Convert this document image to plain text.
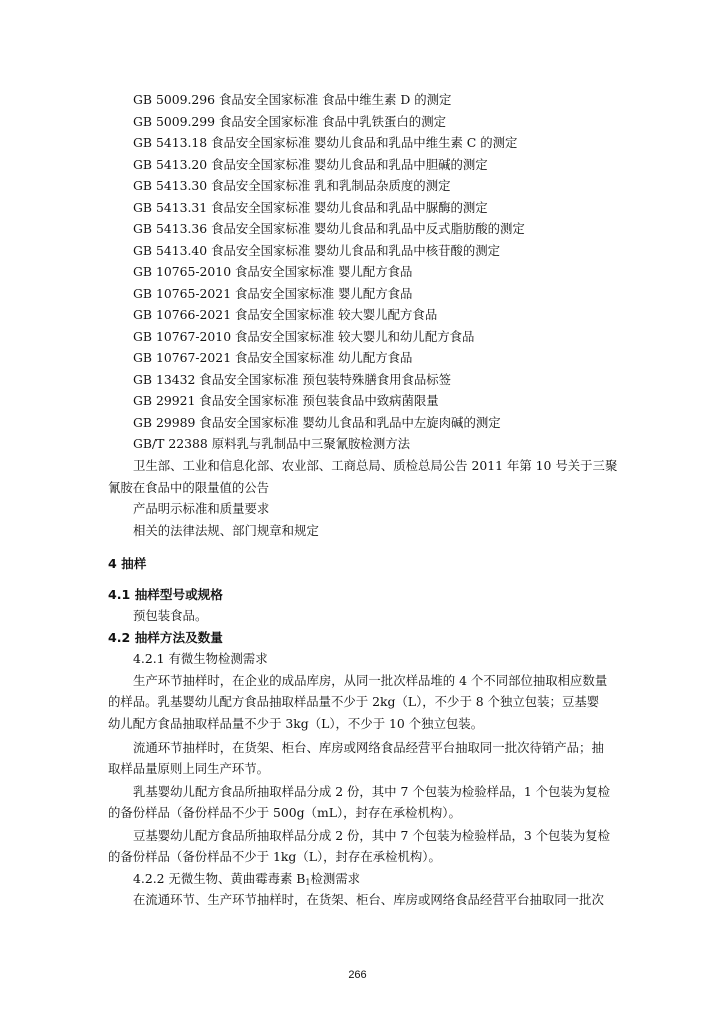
GB 5009.296 食品安全国家标准 食品中维生素 D 的测定
GB 5009.299 食品安全国家标准 食品中乳铁蛋白的测定
GB 5413.18 食品安全国家标准 婴幼儿食品和乳品中维生素 C 的测定
GB 5413.20 食品安全国家标准 婴幼儿食品和乳品中胆碱的测定
GB 5413.30 食品安全国家标准 乳和乳制品杂质度的测定
GB 5413.31 食品安全国家标准 婴幼儿食品和乳品中脲酶的测定
GB 5413.36 食品安全国家标准 婴幼儿食品和乳品中反式脂肪酸的测定
GB 5413.40 食品安全国家标准 婴幼儿食品和乳品中核苷酸的测定
GB 10765-2010 食品安全国家标准 婴儿配方食品
GB 10765-2021 食品安全国家标准 婴儿配方食品
GB 10766-2021 食品安全国家标准 较大婴儿配方食品
GB 10767-2010 食品安全国家标准 较大婴儿和幼儿配方食品
GB 10767-2021 食品安全国家标准 幼儿配方食品
GB 13432 食品安全国家标准 预包装特殊膳食用食品标签
GB 29921 食品安全国家标准 预包装食品中致病菌限量
GB 29989 食品安全国家标准 婴幼儿食品和乳品中左旋肉碱的测定
GB/T 22388 原料乳与乳制品中三聚氰胺检测方法
卫生部、工业和信息化部、农业部、工商总局、质检总局公告 2011 年第 10 号关于三聚
氰胺在食品中的限量值的公告
产品明示标准和质量要求
相关的法律法规、部门规章和规定
4 抽样
4.1 抽样型号或规格
预包装食品。
4.2 抽样方法及数量
4.2.1 有微生物检测需求
生产环节抽样时，在企业的成品库房，从同一批次样品堆的 4 个不同部位抽取相应数量
的样品。乳基婴幼儿配方食品抽取样品量不少于 2kg（L），不少于 8 个独立包装；豆基婴
幼儿配方食品抽取样品量不少于 3kg（L），不少于 10 个独立包装。
流通环节抽样时，在货架、柜台、库房或网络食品经营平台抽取同一批次待销产品；抽
取样品量原则上同生产环节。
乳基婴幼儿配方食品所抽取样品分成 2 份，其中 7 个包装为检验样品，1 个包装为复检
的备份样品（备份样品不少于 500g（mL），封存在承检机构）。
豆基婴幼儿配方食品所抽取样品分成 2 份，其中 7 个包装为检验样品，3 个包装为复检
的备份样品（备份样品不少于 1kg（L），封存在承检机构）。
4.2.2 无微生物、黄曲霉毒素 $B_1$检测需求
在流通环节、生产环节抽样时，在货架、柜台、库房或网络食品经营平台抽取同一批次
266
